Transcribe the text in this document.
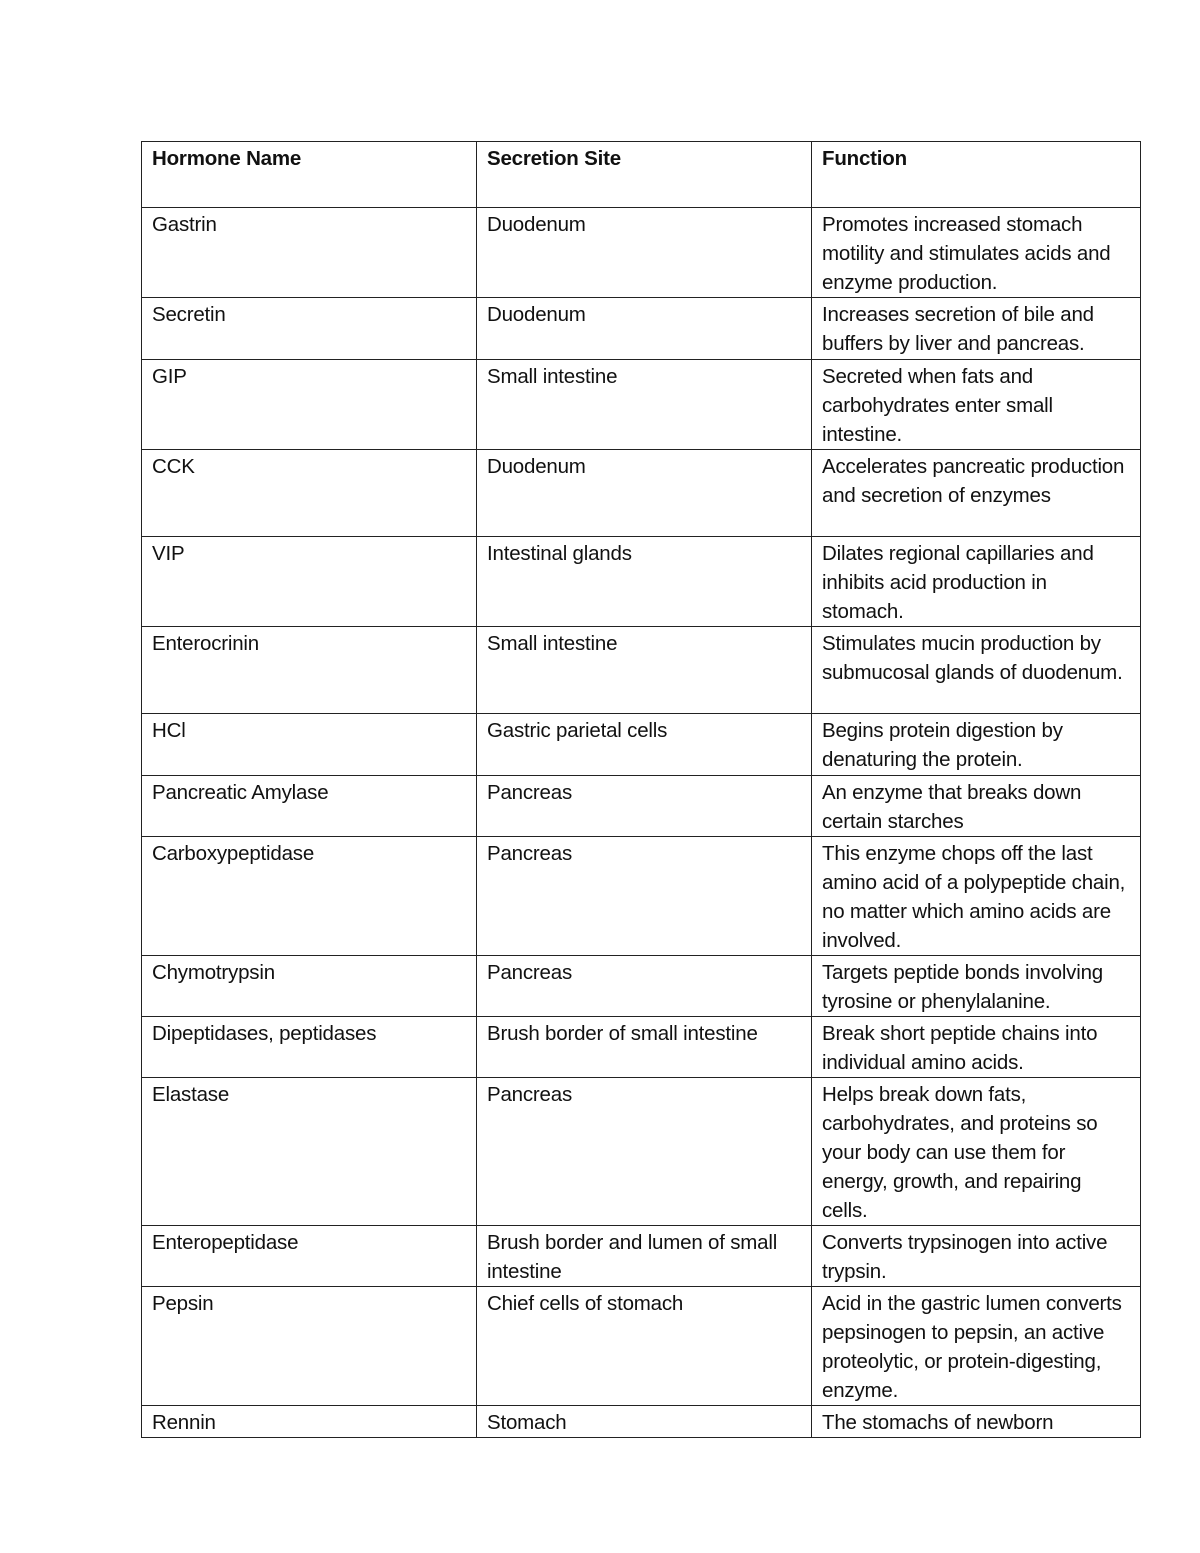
Hormone Name	Secretion Site	Function
Gastrin	Duodenum	Promotes increased stomach motility and stimulates acids and enzyme production.
Secretin	Duodenum	Increases secretion of bile and buffers by liver and pancreas.
GIP	Small intestine	Secreted when fats and carbohydrates enter small intestine.
CCK	Duodenum	Accelerates pancreatic production and secretion of enzymes
VIP	Intestinal glands	Dilates regional capillaries and inhibits acid production in stomach.
Enterocrinin	Small intestine	Stimulates mucin production by submucosal glands of duodenum.
HCl	Gastric parietal cells	Begins protein digestion by denaturing the protein.
Pancreatic Amylase	Pancreas	An enzyme that breaks down certain starches
Carboxypeptidase	Pancreas	This enzyme chops off the last amino acid of a polypeptide chain, no matter which amino acids are involved.
Chymotrypsin	Pancreas	Targets peptide bonds involving tyrosine or phenylalanine.
Dipeptidases, peptidases	Brush border of small intestine	Break short peptide chains into individual amino acids.
Elastase	Pancreas	Helps break down fats, carbohydrates, and proteins so your body can use them for energy, growth, and repairing cells.
Enteropeptidase	Brush border and lumen of small intestine	Converts trypsinogen into active trypsin.
Pepsin	Chief cells of stomach	Acid in the gastric lumen converts pepsinogen to pepsin, an active proteolytic, or protein-digesting, enzyme.
Rennin	Stomach	The stomachs of newborn
